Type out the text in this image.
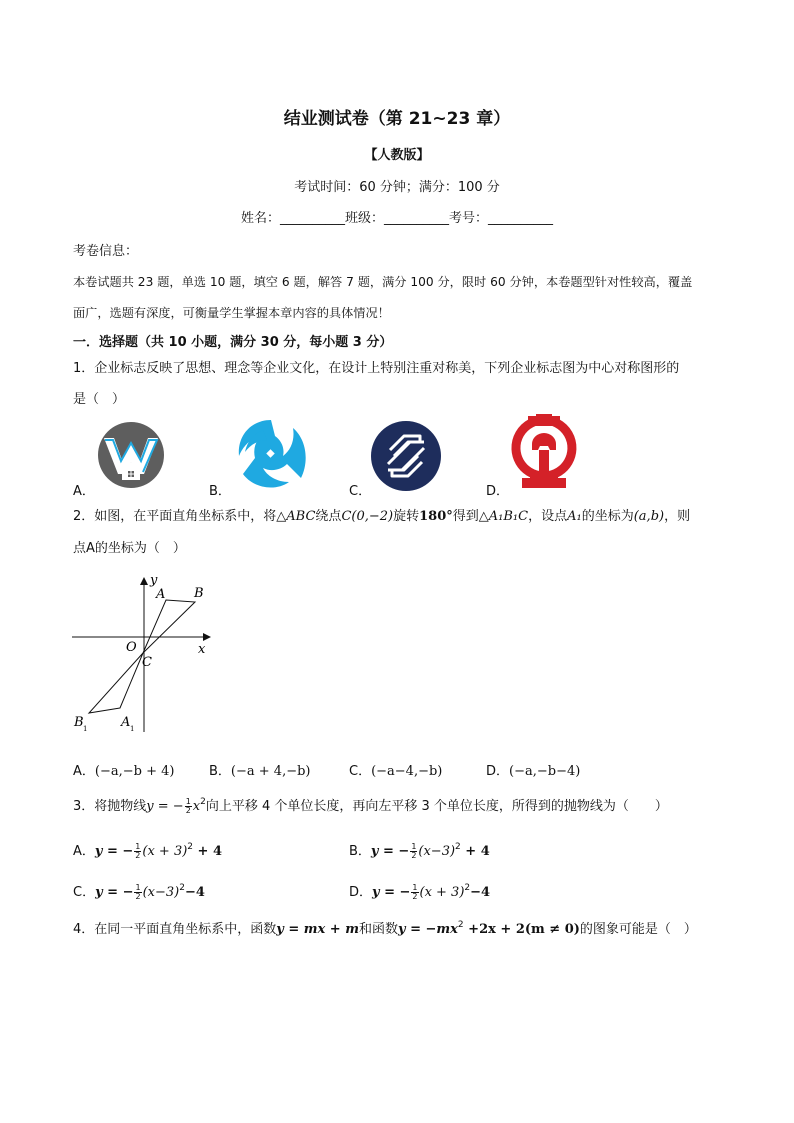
结业测试卷（第 21~23 章）
【人教版】
考试时间：60 分钟；满分：100 分
姓名：__________班级：__________考号：__________
考卷信息：
本卷试题共 23 题，单选 10 题，填空 6 题，解答 7 题，满分 100 分，限时 60 分钟，本卷题型针对性较高，覆盖
面广，选题有深度，可衡量学生掌握本章内容的具体情况！
一．选择题（共 10 小题，满分 30 分，每小题 3 分）
1．企业标志反映了思想、理念等企业文化，在设计上特别注重对称美，下列企业标志图为中心对称图形的
是（　）
A．	B．	C．	D．
2．如图，在平面直角坐标系中，将△ABC绕点C(0,−2)旋转180°得到△A₁B₁C，设点A₁的坐标为(a,b)，则
点A的坐标为（　）
y
x
O
A B
C
B 1	A 1
A．(−a,−b + 4)	B．(−a + 4,−b)	C．(−a−4,−b)	D．(−a,−b−4)
3．将抛物线y = − $\frac{1}{2} x^2$向上平移 4 个单位长度，再向左平移 3 个单位长度，所得到的抛物线为（　　）
A．y = − $\frac{1}{2} (x + 3)^2 + 4$	B．y = − $\frac{1}{2} (x-3)^2 + 4$
C．y = − $\frac{1}{2} (x-3)^2-4$	D．y = − $\frac{1}{2} (x + 3)^2-4$
4．在同一平面直角坐标系中，函数y = mx + m和函数$y = -mx^2 +2x + 2(m \ne 0)$的图象可能是（　）
